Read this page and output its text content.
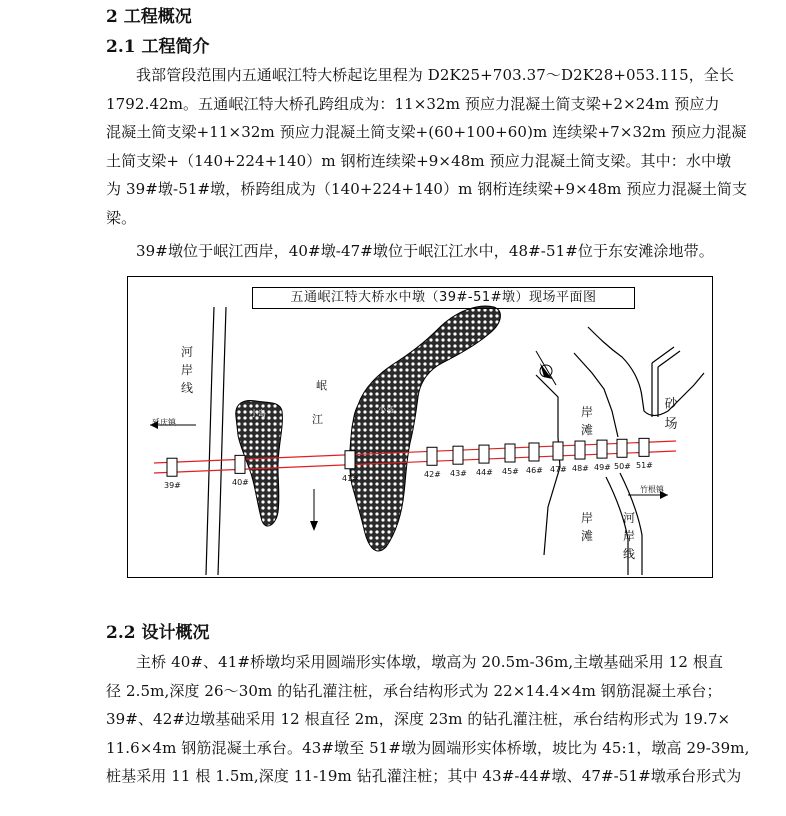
2 工程概况
2.1 工程简介

我部管段范围内五通岷江特大桥起讫里程为 D2K25+703.37～D2K28+053.115，全长
1792.42m。五通岷江特大桥孔跨组成为：11×32m 预应力混凝土简支梁+2×24m 预应力
混凝土简支梁+11×32m 预应力混凝土简支梁+(60+100+60)m 连续梁+7×32m 预应力混凝
土简支梁+（140+224+140）m 钢桁连续梁+9×48m 预应力混凝土简支梁。其中：水中墩
为 39#墩-51#墩，桥跨组成为（140+224+140）m 钢桁连续梁+9×48m 预应力混凝土简支
梁。

39#墩位于岷江西岸，40#墩-47#墩位于岷江江水中，48#-51#位于东安滩涂地带。

五通岷江特大桥水中墩（39#-51#墩）现场平面图
河岸线
河岸线
岷
江
小岛	小岛	岸滩
岸滩
砂场
延庆镇
竹根镇
39#	40#
41#	42# 43# 44# 45# 46# 47# 48# 49# 50# 51#
2.2 设计概况

主桥 40#、41#桥墩均采用圆端形实体墩，墩高为 20.5m-36m,主墩基础采用 12 根直
径 2.5m,深度 26～30m 的钻孔灌注桩，承台结构形式为 22×14.4×4m 钢筋混凝土承台；
39#、42#边墩基础采用 12 根直径 2m，深度 23m 的钻孔灌注桩，承台结构形式为 19.7×
11.6×4m 钢筋混凝土承台。43#墩至 51#墩为圆端形实体桥墩，坡比为 45:1，墩高 29-39m,
桩基采用 11 根 1.5m,深度 11-19m 钻孔灌注桩；其中 43#-44#墩、47#-51#墩承台形式为
